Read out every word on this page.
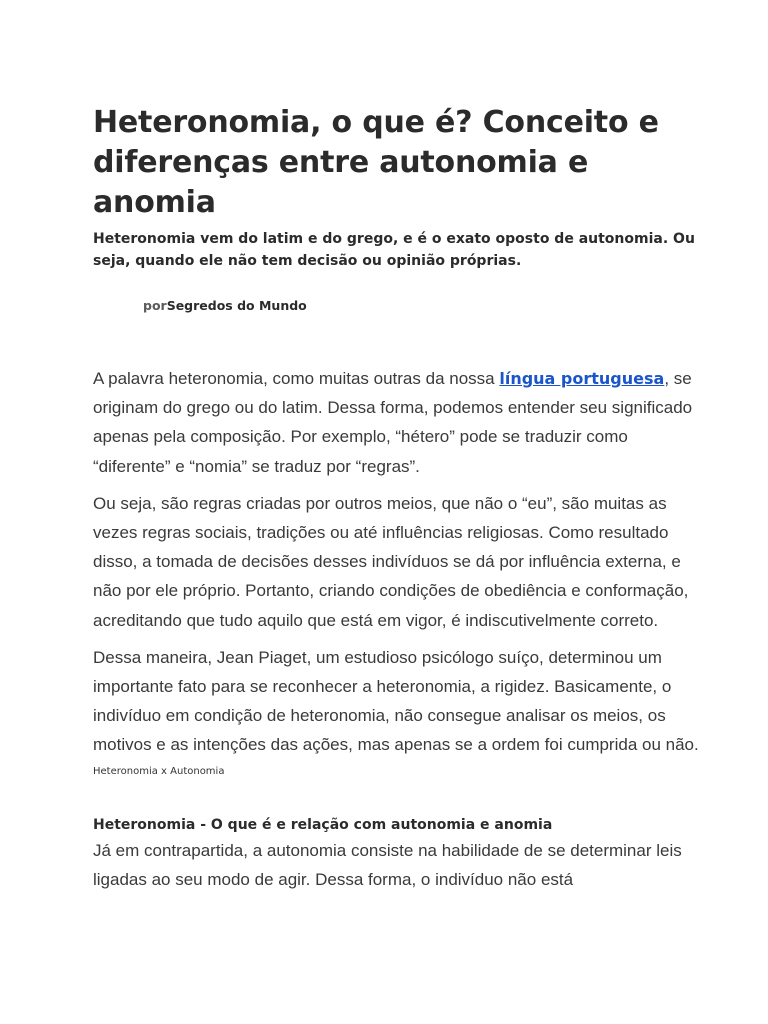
Heteronomia, o que é? Conceito e diferenças entre autonomia e anomia

Heteronomia vem do latim e do grego, e é o exato oposto de autonomia. Ou seja, quando ele não tem decisão ou opinião próprias.

porSegredos do Mundo

A palavra heteronomia, como muitas outras da nossa língua portuguesa, se originam do grego ou do latim. Dessa forma, podemos entender seu significado apenas pela composição. Por exemplo, “hétero” pode se traduzir como “diferente” e “nomia” se traduz por “regras”.

Ou seja, são regras criadas por outros meios, que não o “eu”, são muitas as vezes regras sociais, tradições ou até influências religiosas. Como resultado disso, a tomada de decisões desses indivíduos se dá por influência externa, e não por ele próprio. Portanto, criando condições de obediência e conformação, acreditando que tudo aquilo que está em vigor, é indiscutivelmente correto.

Dessa maneira, Jean Piaget, um estudioso psicólogo suíço, determinou um importante fato para se reconhecer a heteronomia, a rigidez. Basicamente, o indivíduo em condição de heteronomia, não consegue analisar os meios, os motivos e as intenções das ações, mas apenas se a ordem foi cumprida ou não.

Heteronomia x Autonomia

Heteronomia - O que é e relação com autonomia e anomia

Já em contrapartida, a autonomia consiste na habilidade de se determinar leis ligadas ao seu modo de agir. Dessa forma, o indivíduo não está
